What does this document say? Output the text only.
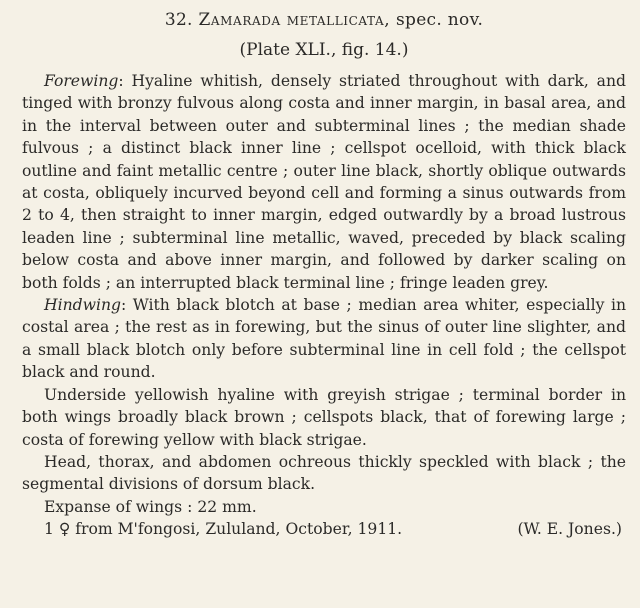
32. Zamarada metallicata, spec. nov.

(Plate XLI., fig. 14.)

Forewing: Hyaline whitish, densely striated throughout with dark, and tinged with bronzy fulvous along costa and inner margin, in basal area, and in the interval between outer and subterminal lines ; the median shade fulvous ; a distinct black inner line ; cellspot ocelloid, with thick black outline and faint metallic centre ; outer line black, shortly oblique outwards at costa, obliquely incurved beyond cell and forming a sinus outwards from 2 to 4, then straight to inner margin, edged outwardly by a broad lustrous leaden line ; subterminal line metallic, waved, preceded by black scaling below costa and above inner margin, and followed by darker scaling on both folds ; an interrupted black terminal line ; fringe leaden grey.

Hindwing: With black blotch at base ; median area whiter, especially in costal area ; the rest as in forewing, but the sinus of outer line slighter, and a small black blotch only before subterminal line in cell fold ; the cellspot black and round.

Underside yellowish hyaline with greyish strigae ; terminal border in both wings broadly black brown ; cellspots black, that of forewing large ; costa of forewing yellow with black strigae.

Head, thorax, and abdomen ochreous thickly speckled with black ; the segmental divisions of dorsum black.

Expanse of wings : 22 mm.

1 ♀ from M'fongosi, Zululand, October, 1911.	(W. E. Jones.)
